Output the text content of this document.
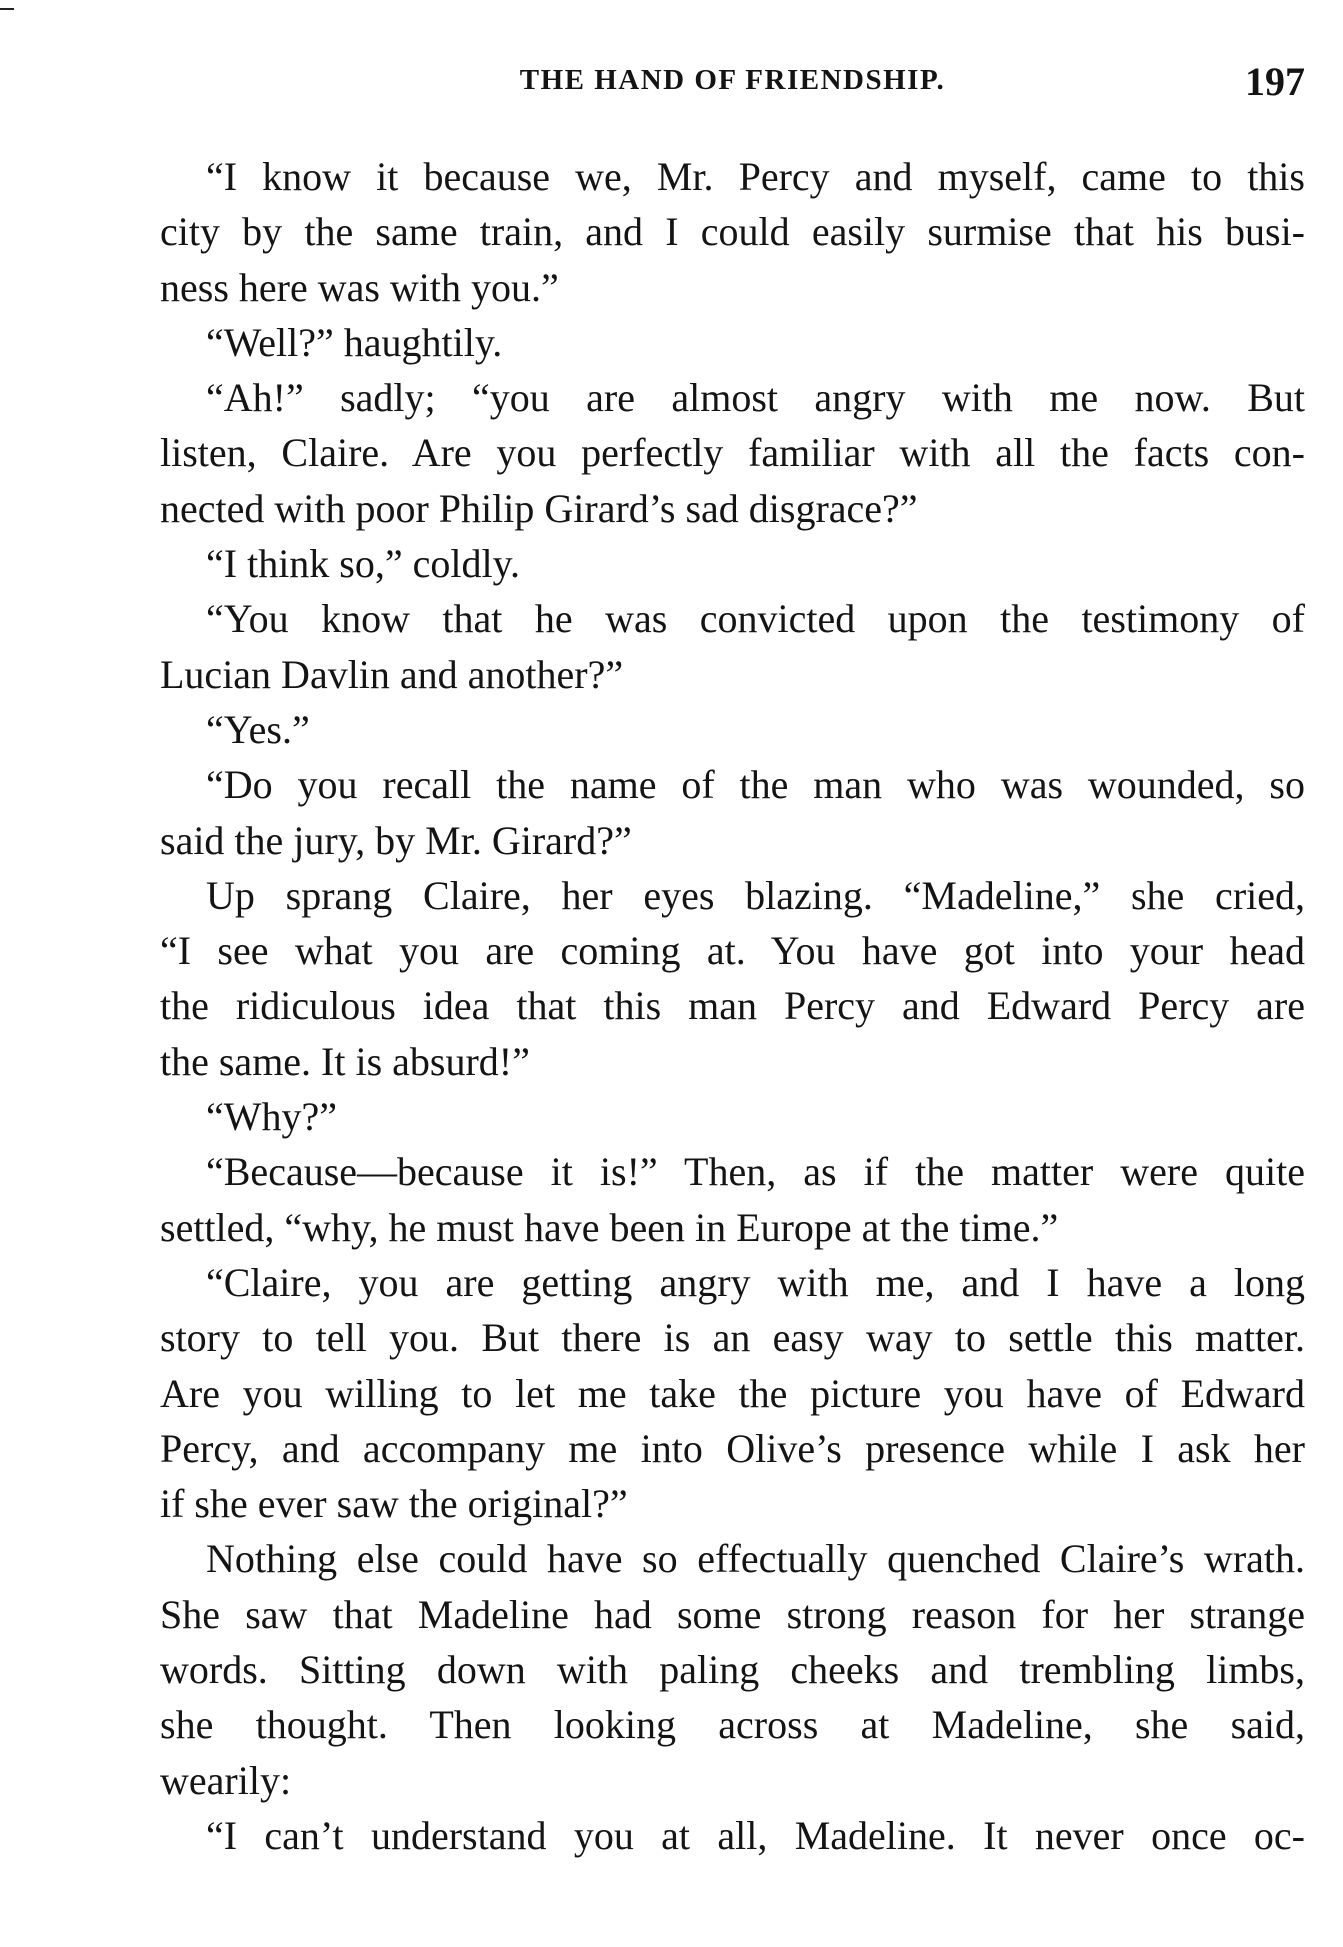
THE HAND OF FRIENDSHIP.	197
“I know it because we, Mr. Percy and myself, came to this
city by the same train, and I could easily surmise that his busi-
ness here was with you.”
“Well?” haughtily.
“Ah!” sadly; “you are almost angry with me now. But
listen, Claire. Are you perfectly familiar with all the facts con-
nected with poor Philip Girard’s sad disgrace?”
“I think so,” coldly.
“You know that he was convicted upon the testimony of
Lucian Davlin and another?”
“Yes.”
“Do you recall the name of the man who was wounded, so
said the jury, by Mr. Girard?”
Up sprang Claire, her eyes blazing. “Madeline,” she cried,
“I see what you are coming at. You have got into your head
the ridiculous idea that this man Percy and Edward Percy are
the same. It is absurd!”
“Why?”
“Because—because it is!” Then, as if the matter were quite
settled, “why, he must have been in Europe at the time.”
“Claire, you are getting angry with me, and I have a long
story to tell you. But there is an easy way to settle this matter.
Are you willing to let me take the picture you have of Edward
Percy, and accompany me into Olive’s presence while I ask her
if she ever saw the original?”
Nothing else could have so effectually quenched Claire’s wrath.
She saw that Madeline had some strong reason for her strange
words. Sitting down with paling cheeks and trembling limbs,
she thought. Then looking across at Madeline, she said,
wearily:
“I can’t understand you at all, Madeline. It never once oc-
